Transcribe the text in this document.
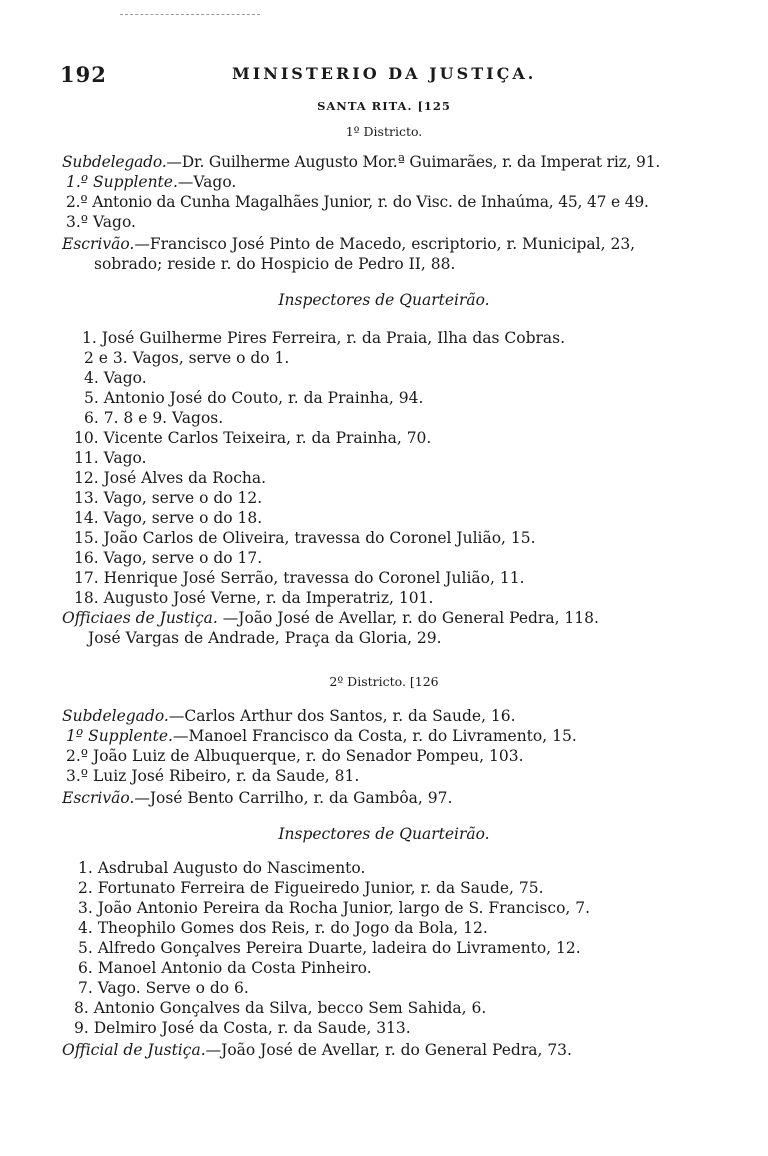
192	MINISTERIO DA JUSTIÇA.
SANTA RITA. [125
1º Districto.
Subdelegado.—Dr. Guilherme Augusto Mor.ª Guimarães, r. da Imperat riz, 91.
1.º Supplente.—Vago.
2.º Antonio da Cunha Magalhães Junior, r. do Visc. de Inhaúma, 45, 47 e 49.
3.º Vago.
Escrivão.—Francisco José Pinto de Macedo, escriptorio, r. Municipal, 23,
sobrado; reside r. do Hospicio de Pedro II, 88.
Inspectores de Quarteirão.
1. José Guilherme Pires Ferreira, r. da Praia, Ilha das Cobras.
2 e 3. Vagos, serve o do 1.
4. Vago.
5. Antonio José do Couto, r. da Prainha, 94.
6. 7. 8 e 9. Vagos.
10. Vicente Carlos Teixeira, r. da Prainha, 70.
11. Vago.
12. José Alves da Rocha.
13. Vago, serve o do 12.
14. Vago, serve o do 18.
15. João Carlos de Oliveira, travessa do Coronel Julião, 15.
16. Vago, serve o do 17.
17. Henrique José Serrão, travessa do Coronel Julião, 11.
18. Augusto José Verne, r. da Imperatriz, 101.
Officiaes de Justiça. —João José de Avellar, r. do General Pedra, 118.
José Vargas de Andrade, Praça da Gloria, 29.
2º Districto. [126
Subdelegado.—Carlos Arthur dos Santos, r. da Saude, 16.
1º Supplente.—Manoel Francisco da Costa, r. do Livramento, 15.
2.º João Luiz de Albuquerque, r. do Senador Pompeu, 103.
3.º Luiz José Ribeiro, r. da Saude, 81.
Escrivão.—José Bento Carrilho, r. da Gambôa, 97.
Inspectores de Quarteirão.
1. Asdrubal Augusto do Nascimento.
2. Fortunato Ferreira de Figueiredo Junior, r. da Saude, 75.
3. João Antonio Pereira da Rocha Junior, largo de S. Francisco, 7.
4. Theophilo Gomes dos Reis, r. do Jogo da Bola, 12.
5. Alfredo Gonçalves Pereira Duarte, ladeira do Livramento, 12.
6. Manoel Antonio da Costa Pinheiro.
7. Vago. Serve o do 6.
8. Antonio Gonçalves da Silva, becco Sem Sahida, 6.
9. Delmiro José da Costa, r. da Saude, 313.
Official de Justiça.—João José de Avellar, r. do General Pedra, 73.
